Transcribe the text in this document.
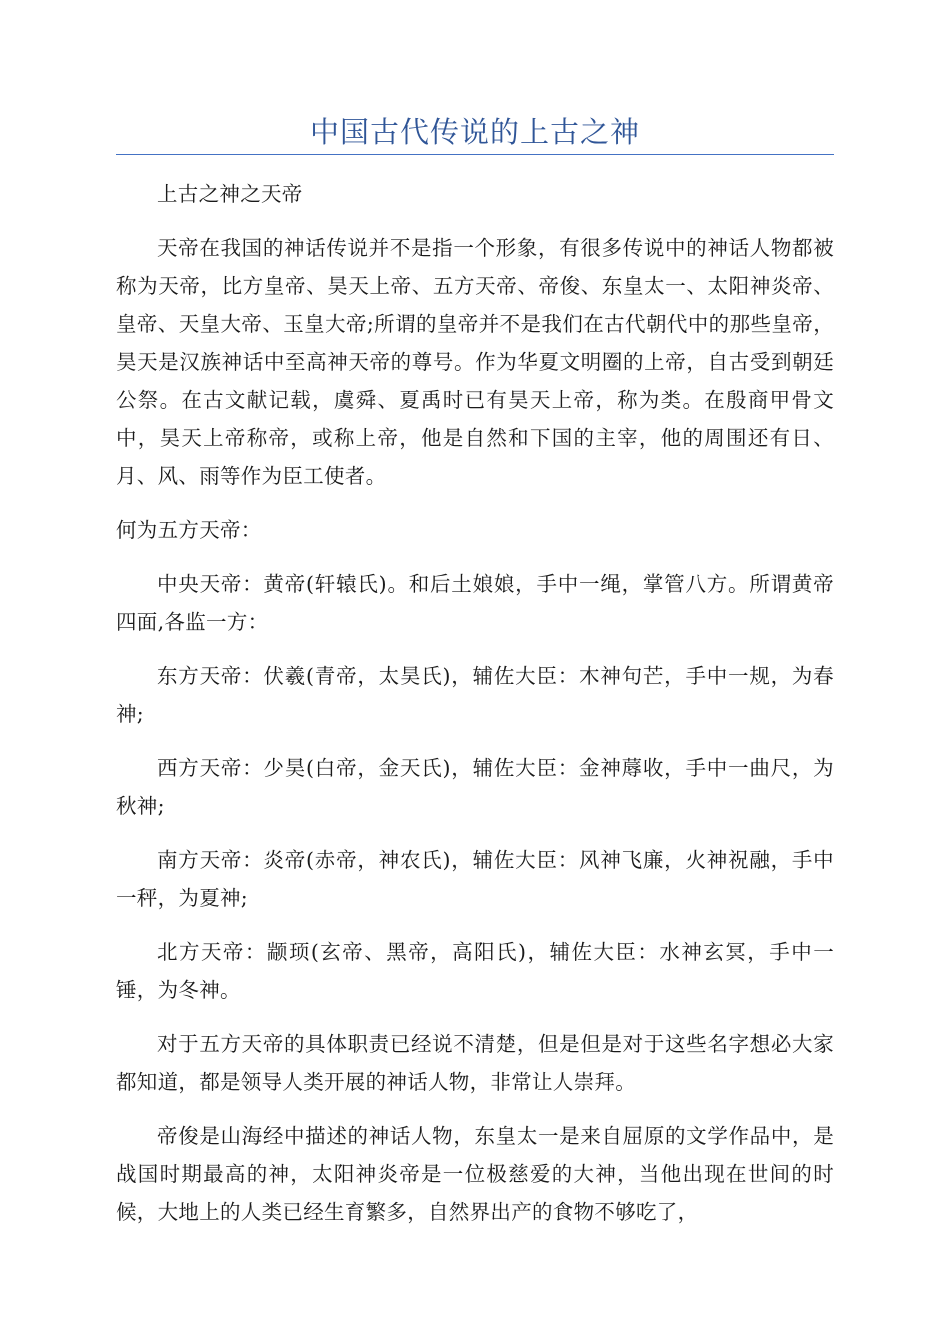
中国古代传说的上古之神

上古之神之天帝

天帝在我国的神话传说并不是指一个形象，有很多传说中的神话人物都被称为天帝，比方皇帝、昊天上帝、五方天帝、帝俊、东皇太一、太阳神炎帝、皇帝、天皇大帝、玉皇大帝;所谓的皇帝并不是我们在古代朝代中的那些皇帝，昊天是汉族神话中至高神天帝的尊号。作为华夏文明圈的上帝，自古受到朝廷公祭。在古文献记载，虞舜、夏禹时已有昊天上帝，称为类。在殷商甲骨文中，昊天上帝称帝，或称上帝，他是自然和下国的主宰，他的周围还有日、月、风、雨等作为臣工使者。

何为五方天帝：

中央天帝：黄帝(轩辕氏)。和后土娘娘，手中一绳，掌管八方。所谓黄帝四面,各监一方：

东方天帝：伏羲(青帝，太昊氏)，辅佐大臣：木神句芒，手中一规，为春神;

西方天帝：少昊(白帝，金天氏)，辅佐大臣：金神蓐收，手中一曲尺，为秋神;

南方天帝：炎帝(赤帝，神农氏)，辅佐大臣：风神飞廉，火神祝融，手中一秤，为夏神;

北方天帝：颛顼(玄帝、黑帝，高阳氏)，辅佐大臣：水神玄冥，手中一锤，为冬神。

对于五方天帝的具体职责已经说不清楚，但是但是对于这些名字想必大家都知道，都是领导人类开展的神话人物，非常让人崇拜。

帝俊是山海经中描述的神话人物，东皇太一是来自屈原的文学作品中，是战国时期最高的神，太阳神炎帝是一位极慈爱的大神，当他出现在世间的时候，大地上的人类已经生育繁多，自然界出产的食物不够吃了，
